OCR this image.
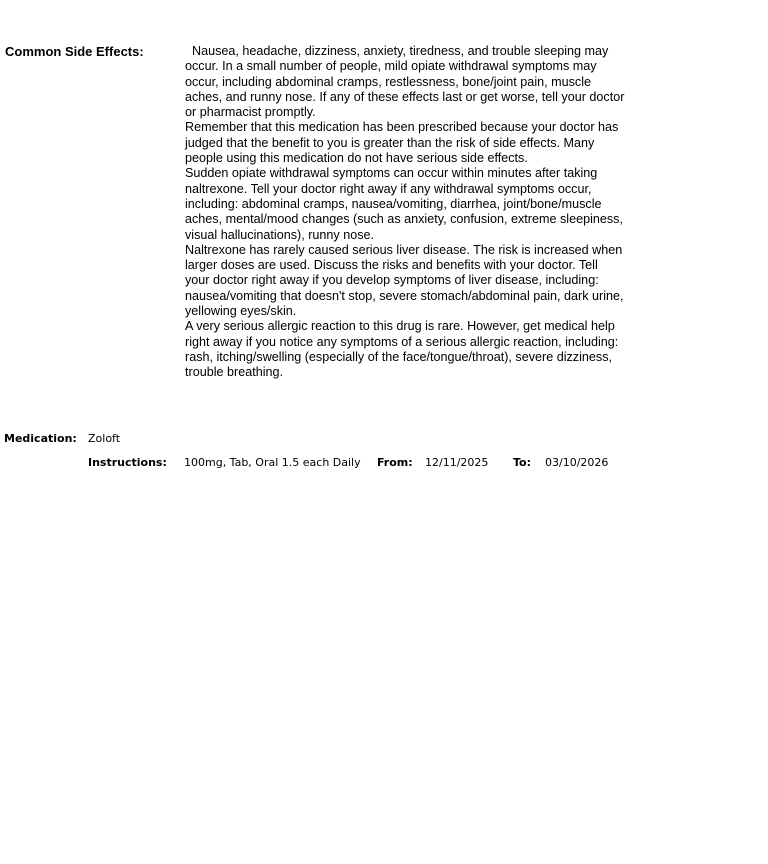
Common Side Effects:	Nausea, headache, dizziness, anxiety, tiredness, and trouble sleeping may occur. In a small number of people, mild opiate withdrawal symptoms may occur, including abdominal cramps, restlessness, bone/joint pain, muscle aches, and runny nose. If any of these effects last or get worse, tell your doctor or pharmacist promptly.

Remember that this medication has been prescribed because your doctor has judged that the benefit to you is greater than the risk of side effects. Many people using this medication do not have serious side effects.

Sudden opiate withdrawal symptoms can occur within minutes after taking naltrexone. Tell your doctor right away if any withdrawal symptoms occur, including: abdominal cramps, nausea/vomiting, diarrhea, joint/bone/muscle aches, mental/mood changes (such as anxiety, confusion, extreme sleepiness, visual hallucinations), runny nose.

Naltrexone has rarely caused serious liver disease. The risk is increased when larger doses are used. Discuss the risks and benefits with your doctor. Tell your doctor right away if you develop symptoms of liver disease, including: nausea/vomiting that doesn't stop, severe stomach/abdominal pain, dark urine, yellowing eyes/skin.

A very serious allergic reaction to this drug is rare. However, get medical help right away if you notice any symptoms of a serious allergic reaction, including: rash, itching/swelling (especially of the face/tongue/throat), severe dizziness, trouble breathing.

Medication: Zoloft
Instructions: 100mg, Tab, Oral 1.5 each Daily From: 12/11/2025 To: 03/10/2026
